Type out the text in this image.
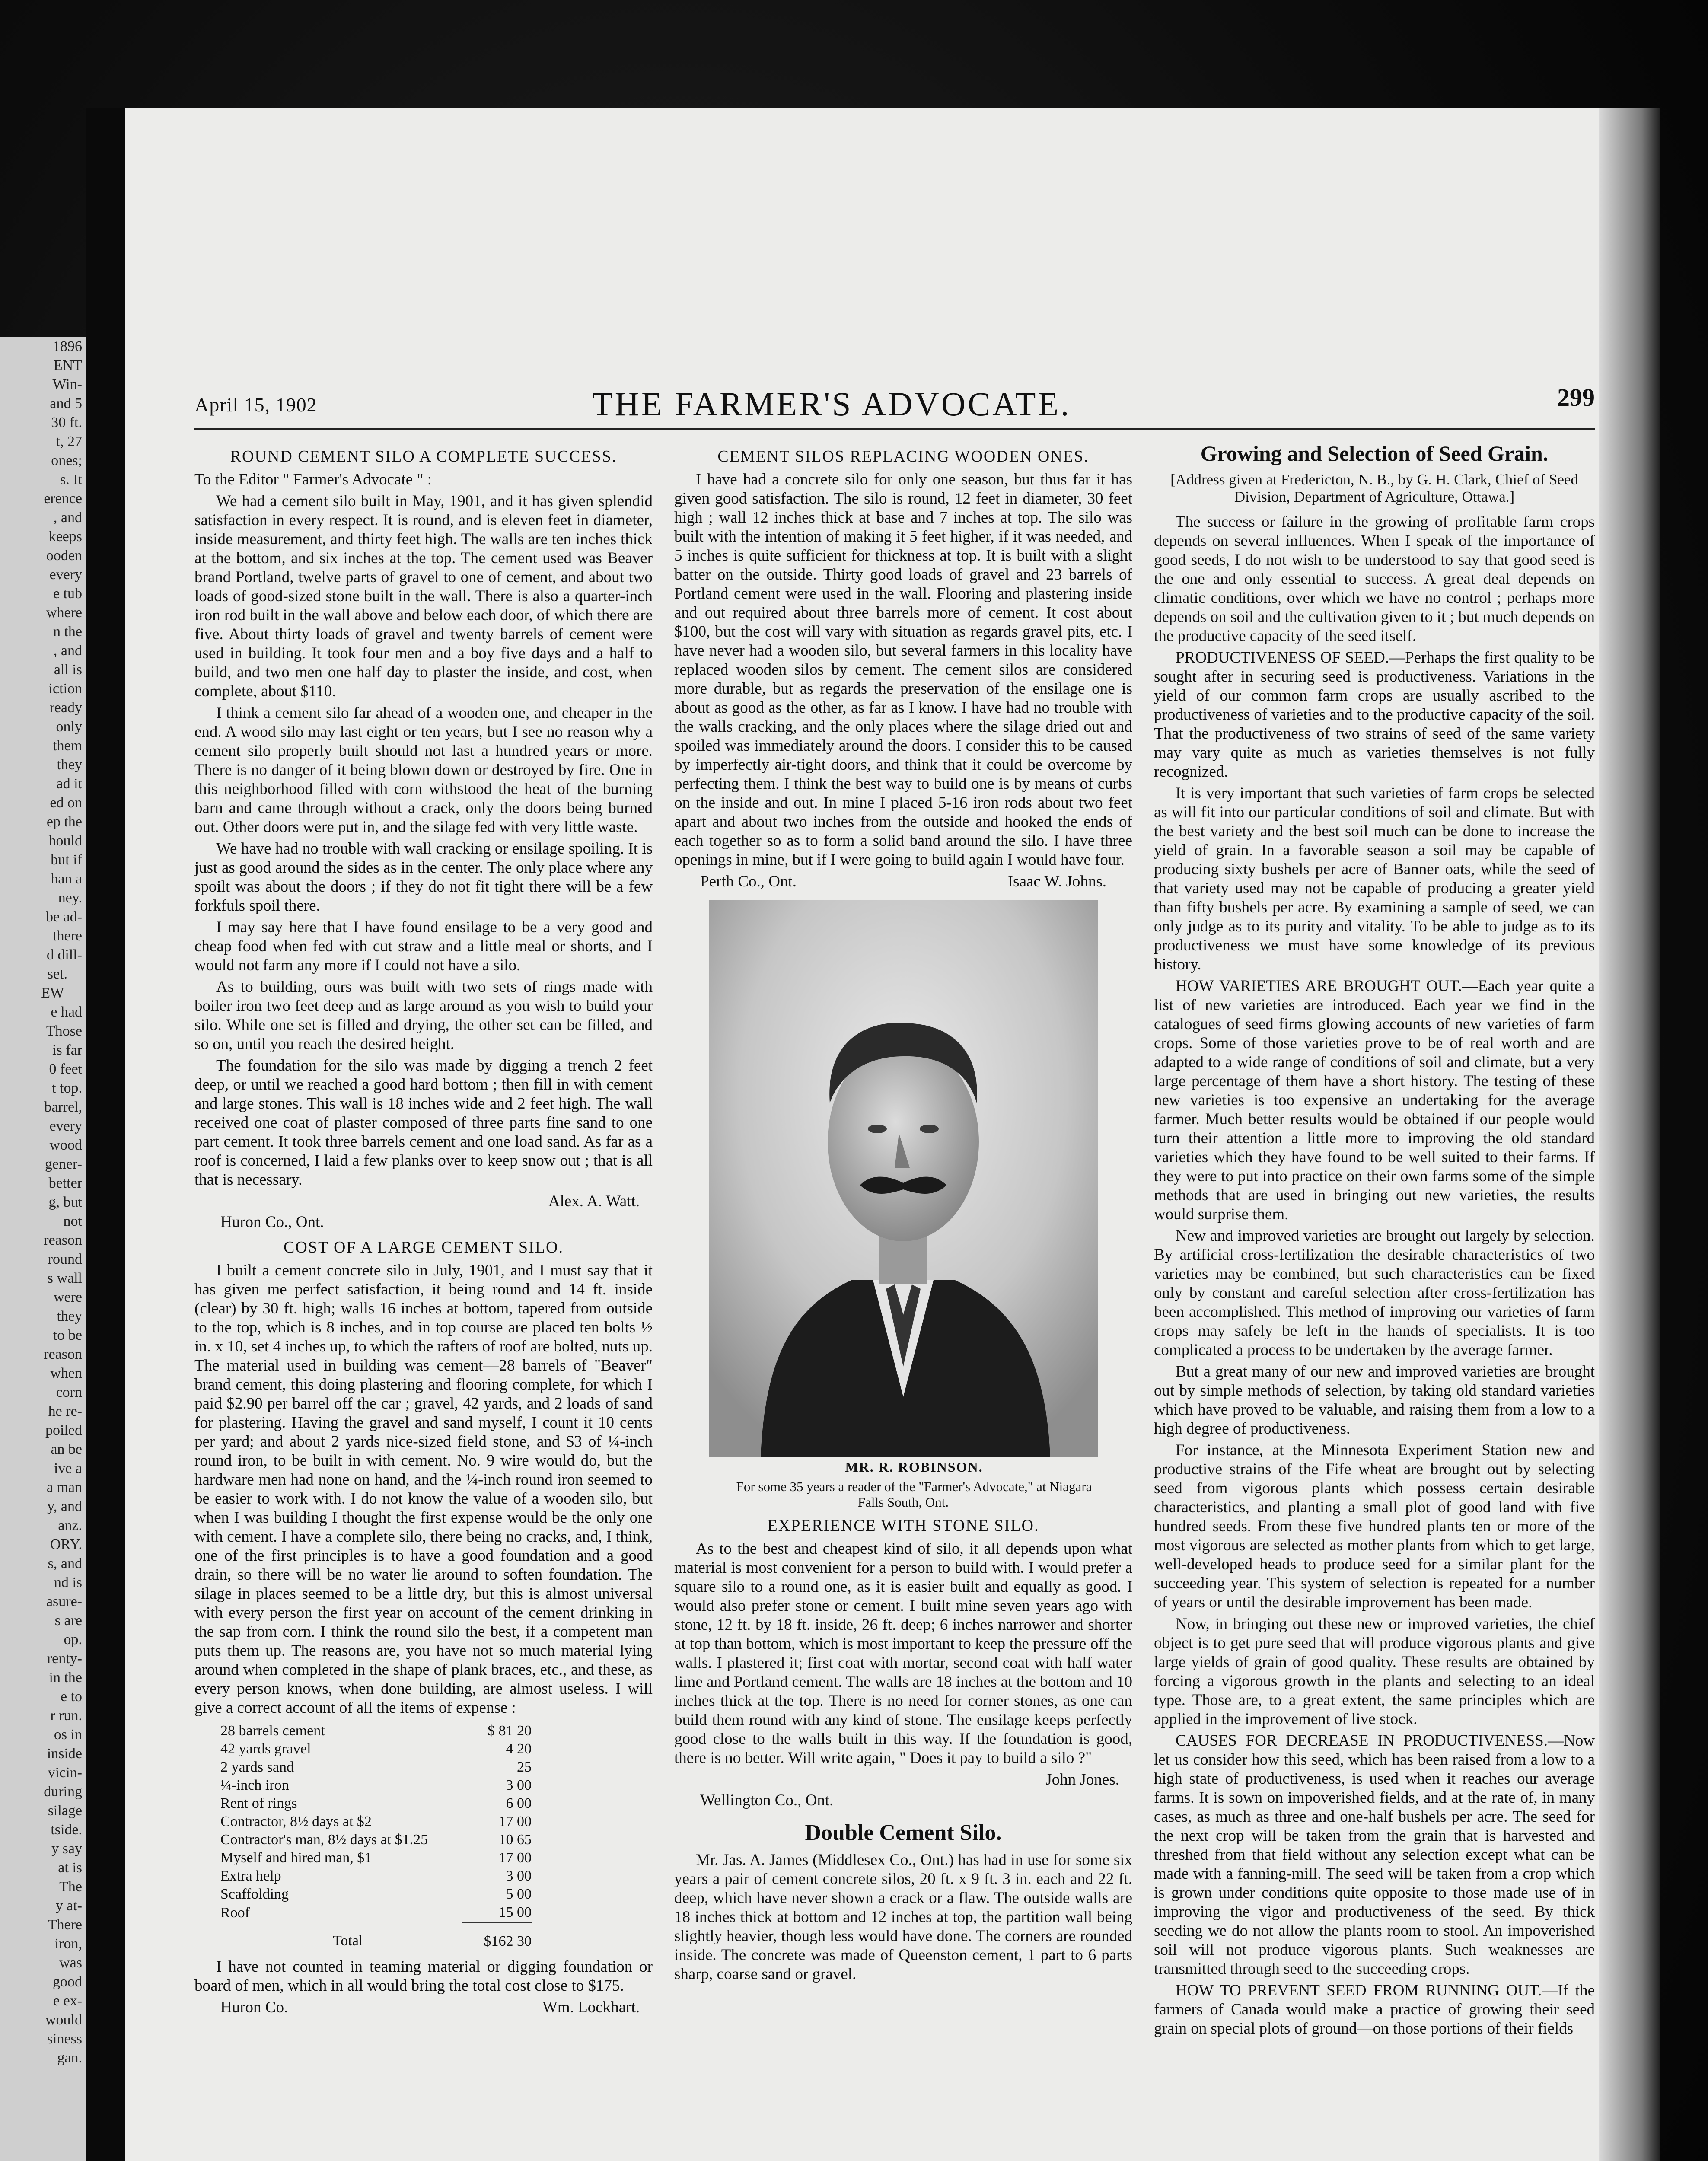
1896
ENT
Win-
and 5
30 ft.
t, 27
ones;
s. It
erence
, and
keeps
ooden
every
e tub
where
n the
, and
all is
iction
ready
only
them
they
ad it
ed on
ep the
hould
but if
han a
ney.
be ad-
there
d dill-
set.—
EW —
e had
Those
is far
0 feet
t top.
barrel,
every
wood
gener-
better
g, but
not
reason
round
s wall
were
they
to be
reason
when
corn
he re-
poiled
an be
ive a
a man
y, and
anz.
ORY.
s, and
nd is
asure-
s are
op.
renty-
in the
e to
r run.
os in
inside
vicin-
during
silage
tside.
y say
at is
The
y at-
There
iron,
was
good
e ex-
would
siness
gan.
April 15, 1902	THE FARMER'S ADVOCATE.	299
ROUND CEMENT SILO A COMPLETE SUCCESS.

To the Editor " Farmer's Advocate " :

We had a cement silo built in May, 1901, and it has given splendid satisfaction in every respect. It is round, and is eleven feet in diameter, inside measurement, and thirty feet high. The walls are ten inches thick at the bottom, and six inches at the top. The cement used was Beaver brand Portland, twelve parts of gravel to one of cement, and about two loads of good-sized stone built in the wall. There is also a quarter-inch iron rod built in the wall above and below each door, of which there are five. About thirty loads of gravel and twenty barrels of cement were used in building. It took four men and a boy five days and a half to build, and two men one half day to plaster the inside, and cost, when complete, about $110.

I think a cement silo far ahead of a wooden one, and cheaper in the end. A wood silo may last eight or ten years, but I see no reason why a cement silo properly built should not last a hundred years or more. There is no danger of it being blown down or destroyed by fire. One in this neighborhood filled with corn withstood the heat of the burning barn and came through without a crack, only the doors being burned out. Other doors were put in, and the silage fed with very little waste.

We have had no trouble with wall cracking or ensilage spoiling. It is just as good around the sides as in the center. The only place where any spoilt was about the doors ; if they do not fit tight there will be a few forkfuls spoil there.

I may say here that I have found ensilage to be a very good and cheap food when fed with cut straw and a little meal or shorts, and I would not farm any more if I could not have a silo.

As to building, ours was built with two sets of rings made with boiler iron two feet deep and as large around as you wish to build your silo. While one set is filled and drying, the other set can be filled, and so on, until you reach the desired height.

The foundation for the silo was made by digging a trench 2 feet deep, or until we reached a good hard bottom ; then fill in with cement and large stones. This wall is 18 inches wide and 2 feet high. The wall received one coat of plaster composed of three parts fine sand to one part cement. It took three barrels cement and one load sand. As far as a roof is concerned, I laid a few planks over to keep snow out ; that is all that is necessary.

Alex. A. Watt.

Huron Co., Ont.

COST OF A LARGE CEMENT SILO.

I built a cement concrete silo in July, 1901, and I must say that it has given me perfect satisfaction, it being round and 14 ft. inside (clear) by 30 ft. high; walls 16 inches at bottom, tapered from outside to the top, which is 8 inches, and in top course are placed ten bolts ½ in. x 10, set 4 inches up, to which the rafters of roof are bolted, nuts up. The material used in building was cement—28 barrels of "Beaver" brand cement, this doing plastering and flooring complete, for which I paid $2.90 per barrel off the car ; gravel, 42 yards, and 2 loads of sand for plastering. Having the gravel and sand myself, I count it 10 cents per yard; and about 2 yards nice-sized field stone, and $3 of ¼-inch round iron, to be built in with cement. No. 9 wire would do, but the hardware men had none on hand, and the ¼-inch round iron seemed to be easier to work with. I do not know the value of a wooden silo, but when I was building I thought the first expense would be the only one with cement. I have a complete silo, there being no cracks, and, I think, one of the first principles is to have a good foundation and a good drain, so there will be no water lie around to soften foundation. The silage in places seemed to be a little dry, but this is almost universal with every person the first year on account of the cement drinking in the sap from corn. I think the round silo the best, if a competent man puts them up. The reasons are, you have not so much material lying around when completed in the shape of plank braces, etc., and these, as every person knows, when done building, are almost useless. I will give a correct account of all the items of expense :

28 barrels cement	$ 81 20
42 yards gravel	4 20
2 yards sand	25
¼-inch iron	3 00
Rent of rings	6 00
Contractor, 8½ days at $2	17 00
Contractor's man, 8½ days at $1.25	10 65
Myself and hired man, $1	17 00
Extra help	3 00
Scaffolding	5 00
Roof	15 00
Total	$162 30

I have not counted in teaming material or digging foundation or board of men, which in all would bring the total cost close to $175.

Huron Co.	Wm. Lockhart.

CEMENT SILOS REPLACING WOODEN ONES.

I have had a concrete silo for only one season, but thus far it has given good satisfaction. The silo is round, 12 feet in diameter, 30 feet high ; wall 12 inches thick at base and 7 inches at top. The silo was built with the intention of making it 5 feet higher, if it was needed, and 5 inches is quite sufficient for thickness at top. It is built with a slight batter on the outside. Thirty good loads of gravel and 23 barrels of Portland cement were used in the wall. Flooring and plastering inside and out required about three barrels more of cement. It cost about $100, but the cost will vary with situation as regards gravel pits, etc. I have never had a wooden silo, but several farmers in this locality have replaced wooden silos by cement. The cement silos are considered more durable, but as regards the preservation of the ensilage one is about as good as the other, as far as I know. I have had no trouble with the walls cracking, and the only places where the silage dried out and spoiled was immediately around the doors. I consider this to be caused by imperfectly air-tight doors, and think that it could be overcome by perfecting them. I think the best way to build one is by means of curbs on the inside and out. In mine I placed 5-16 iron rods about two feet apart and about two inches from the outside and hooked the ends of each together so as to form a solid band around the silo. I have three openings in mine, but if I were going to build again I would have four.

Perth Co., Ont.	Isaac W. Johns.

MR. R. ROBINSON.

For some 35 years a reader of the "Farmer's Advocate," at Niagara Falls South, Ont.

EXPERIENCE WITH STONE SILO.

As to the best and cheapest kind of silo, it all depends upon what material is most convenient for a person to build with. I would prefer a square silo to a round one, as it is easier built and equally as good. I would also prefer stone or cement. I built mine seven years ago with stone, 12 ft. by 18 ft. inside, 26 ft. deep; 6 inches narrower and shorter at top than bottom, which is most important to keep the pressure off the walls. I plastered it; first coat with mortar, second coat with half water lime and Portland cement. The walls are 18 inches at the bottom and 10 inches thick at the top. There is no need for corner stones, as one can build them round with any kind of stone. The ensilage keeps perfectly good close to the walls built in this way. If the foundation is good, there is no better. Will write again, " Does it pay to build a silo ?"

John Jones.

Wellington Co., Ont.

Double Cement Silo.

Mr. Jas. A. James (Middlesex Co., Ont.) has had in use for some six years a pair of cement concrete silos, 20 ft. x 9 ft. 3 in. each and 22 ft. deep, which have never shown a crack or a flaw. The outside walls are 18 inches thick at bottom and 12 inches at top, the partition wall being slightly heavier, though less would have done. The corners are rounded inside. The concrete was made of Queenston cement, 1 part to 6 parts sharp, coarse sand or gravel.

Growing and Selection of Seed Grain.

[Address given at Fredericton, N. B., by G. H. Clark, Chief of Seed Division, Department of Agriculture, Ottawa.]

The success or failure in the growing of profitable farm crops depends on several influences. When I speak of the importance of good seeds, I do not wish to be understood to say that good seed is the one and only essential to success. A great deal depends on climatic conditions, over which we have no control ; perhaps more depends on soil and the cultivation given to it ; but much depends on the productive capacity of the seed itself.

PRODUCTIVENESS OF SEED.—Perhaps the first quality to be sought after in securing seed is productiveness. Variations in the yield of our common farm crops are usually ascribed to the productiveness of varieties and to the productive capacity of the soil. That the productiveness of two strains of seed of the same variety may vary quite as much as varieties themselves is not fully recognized.

It is very important that such varieties of farm crops be selected as will fit into our particular conditions of soil and climate. But with the best variety and the best soil much can be done to increase the yield of grain. In a favorable season a soil may be capable of producing sixty bushels per acre of Banner oats, while the seed of that variety used may not be capable of producing a greater yield than fifty bushels per acre. By examining a sample of seed, we can only judge as to its purity and vitality. To be able to judge as to its productiveness we must have some knowledge of its previous history.

HOW VARIETIES ARE BROUGHT OUT.—Each year quite a list of new varieties are introduced. Each year we find in the catalogues of seed firms glowing accounts of new varieties of farm crops. Some of those varieties prove to be of real worth and are adapted to a wide range of conditions of soil and climate, but a very large percentage of them have a short history. The testing of these new varieties is too expensive an undertaking for the average farmer. Much better results would be obtained if our people would turn their attention a little more to improving the old standard varieties which they have found to be well suited to their farms. If they were to put into practice on their own farms some of the simple methods that are used in bringing out new varieties, the results would surprise them.

New and improved varieties are brought out largely by selection. By artificial cross-fertilization the desirable characteristics of two varieties may be combined, but such characteristics can be fixed only by constant and careful selection after cross-fertilization has been accomplished. This method of improving our varieties of farm crops may safely be left in the hands of specialists. It is too complicated a process to be undertaken by the average farmer.

But a great many of our new and improved varieties are brought out by simple methods of selection, by taking old standard varieties which have proved to be valuable, and raising them from a low to a high degree of productiveness.

For instance, at the Minnesota Experiment Station new and productive strains of the Fife wheat are brought out by selecting seed from vigorous plants which possess certain desirable characteristics, and planting a small plot of good land with five hundred seeds. From these five hundred plants ten or more of the most vigorous are selected as mother plants from which to get large, well-developed heads to produce seed for a similar plant for the succeeding year. This system of selection is repeated for a number of years or until the desirable improvement has been made.

Now, in bringing out these new or improved varieties, the chief object is to get pure seed that will produce vigorous plants and give large yields of grain of good quality. These results are obtained by forcing a vigorous growth in the plants and selecting to an ideal type. Those are, to a great extent, the same principles which are applied in the improvement of live stock.

CAUSES FOR DECREASE IN PRODUCTIVENESS.—Now let us consider how this seed, which has been raised from a low to a high state of productiveness, is used when it reaches our average farms. It is sown on impoverished fields, and at the rate of, in many cases, as much as three and one-half bushels per acre. The seed for the next crop will be taken from the grain that is harvested and threshed from that field without any selection except what can be made with a fanning-mill. The seed will be taken from a crop which is grown under conditions quite opposite to those made use of in improving the vigor and productiveness of the seed. By thick seeding we do not allow the plants room to stool. An impoverished soil will not produce vigorous plants. Such weaknesses are transmitted through seed to the succeeding crops.

HOW TO PREVENT SEED FROM RUNNING OUT.—If the farmers of Canada would make a practice of growing their seed grain on special plots of ground—on those portions of their fields
